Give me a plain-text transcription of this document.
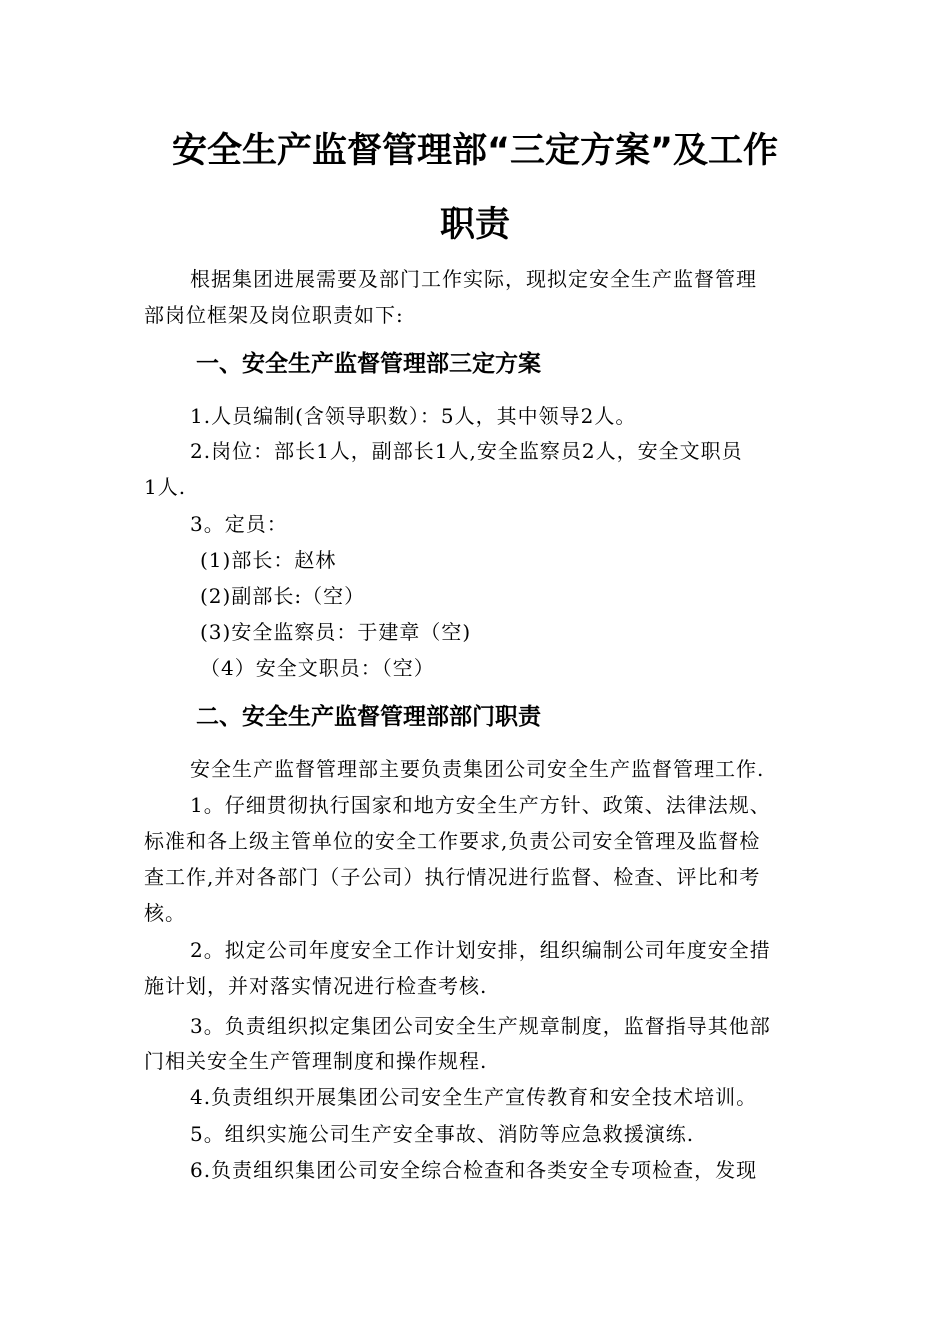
安全生产监督管理部“三定方案”及工作
职责
根据集团进展需要及部门工作实际，现拟定安全生产监督管理
部岗位框架及岗位职责如下:
一、安全生产监督管理部三定方案
1.人员编制(含领导职数）：5人，其中领导2人。
2.岗位：部长1人，副部长1人,安全监察员2人，安全文职员
1人.
3。定员：
(1)部长：赵林
(2)副部长:（空）
(3)安全监察员：于建章（空)
（4）安全文职员：（空）
二、安全生产监督管理部部门职责
安全生产监督管理部主要负责集团公司安全生产监督管理工作.
1。仔细贯彻执行国家和地方安全生产方针、政策、法律法规、
标准和各上级主管单位的安全工作要求,负责公司安全管理及监督检
查工作,并对各部门（子公司）执行情况进行监督、检查、评比和考
核。
2。拟定公司年度安全工作计划安排，组织编制公司年度安全措
施计划，并对落实情况进行检查考核.
3。负责组织拟定集团公司安全生产规章制度，监督指导其他部
门相关安全生产管理制度和操作规程.
4.负责组织开展集团公司安全生产宣传教育和安全技术培训。
5。组织实施公司生产安全事故、消防等应急救援演练.
6.负责组织集团公司安全综合检查和各类安全专项检查，发现
